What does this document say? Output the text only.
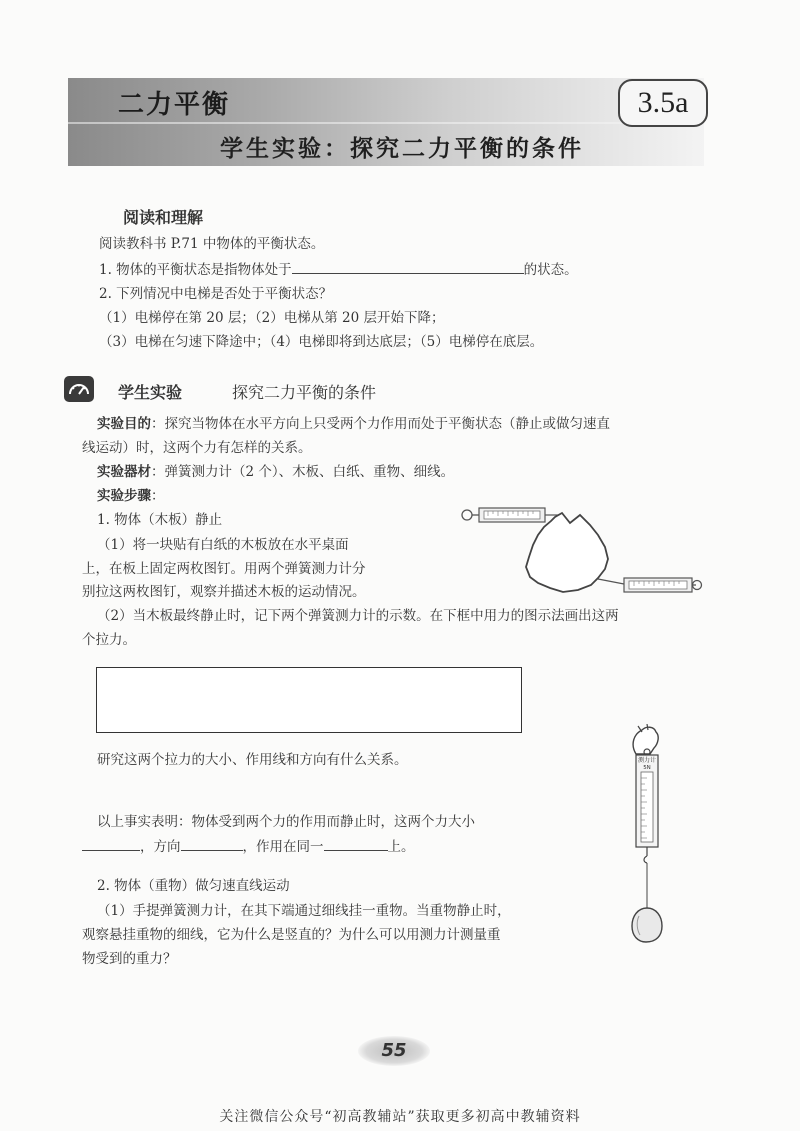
二力平衡	3.5a
学生实验：探究二力平衡的条件
阅读和理解
阅读教科书 P.71 中物体的平衡状态。
1. 物体的平衡状态是指物体处于	的状态。
2. 下列情况中电梯是否处于平衡状态？
（1）电梯停在第 20 层；（2）电梯从第 20 层开始下降；
（3）电梯在匀速下降途中；（4）电梯即将到达底层；（5）电梯停在底层。
学生实验	探究二力平衡的条件
实验目的：探究当物体在水平方向上只受两个力作用而处于平衡状态（静止或做匀速直
线运动）时，这两个力有怎样的关系。
实验器材：弹簧测力计（2 个）、木板、白纸、重物、细线。
实验步骤：
1. 物体（木板）静止
（1）将一块贴有白纸的木板放在水平桌面
上，在板上固定两枚图钉。用两个弹簧测力计分
别拉这两枚图钉，观察并描述木板的运动情况。
（2）当木板最终静止时，记下两个弹簧测力计的示数。在下框中用力的图示法画出这两
个拉力。
研究这两个拉力的大小、作用线和方向有什么关系。
以上事实表明：物体受到两个力的作用而静止时，这两个力大小
，方向	，作用在同一	上。
2. 物体（重物）做匀速直线运动
（1）手提弹簧测力计，在其下端通过细线挂一重物。当重物静止时，
观察悬挂重物的细线，它为什么是竖直的？为什么可以用测力计测量重
物受到的重力？
测力计
5N
55
关注微信公众号“初高教辅站”获取更多初高中教辅资料
